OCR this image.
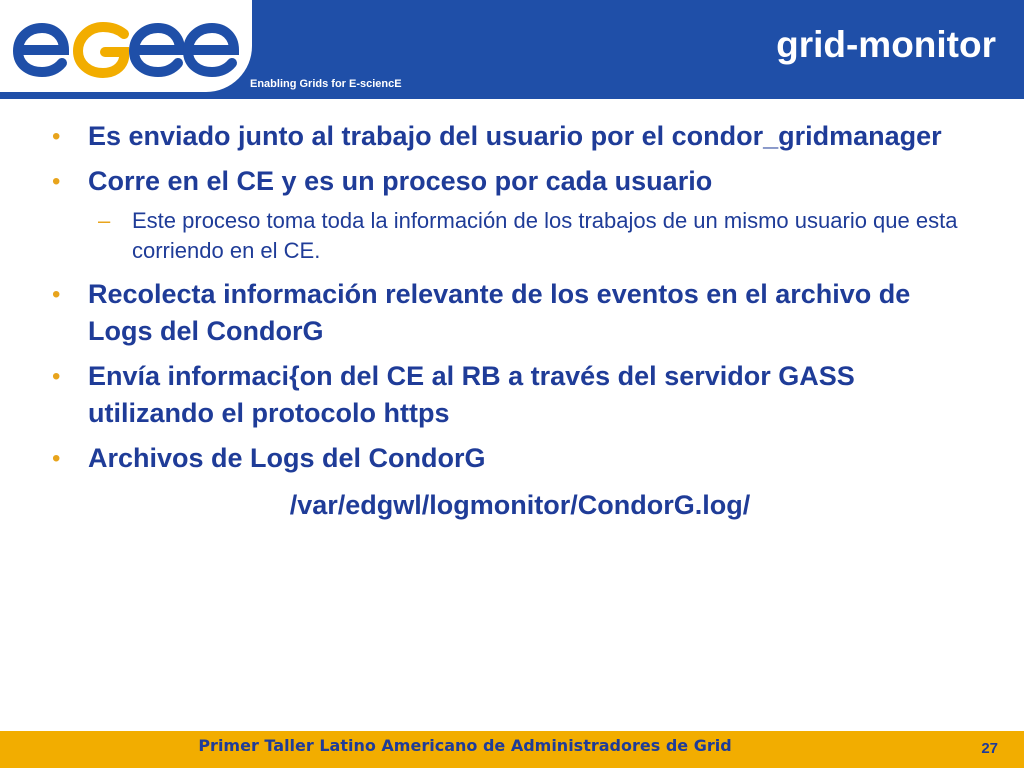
Enabling Grids for E-sciencE
grid-monitor
• Es enviado junto al trabajo del usuario por el condor_gridmanager
• Corre en el CE y es un proceso por cada usuario
– Este proceso toma toda la información de los trabajos de un mismo usuario que esta corriendo en el CE.
• Recolecta información relevante de los eventos en el archivo de Logs del CondorG
• Envía informaci{on del CE al RB a través del servidor GASS utilizando el protocolo https
• Archivos de Logs del CondorG
/var/edgwl/logmonitor/CondorG.log/
Primer Taller Latino Americano de Administradores de Grid	27
